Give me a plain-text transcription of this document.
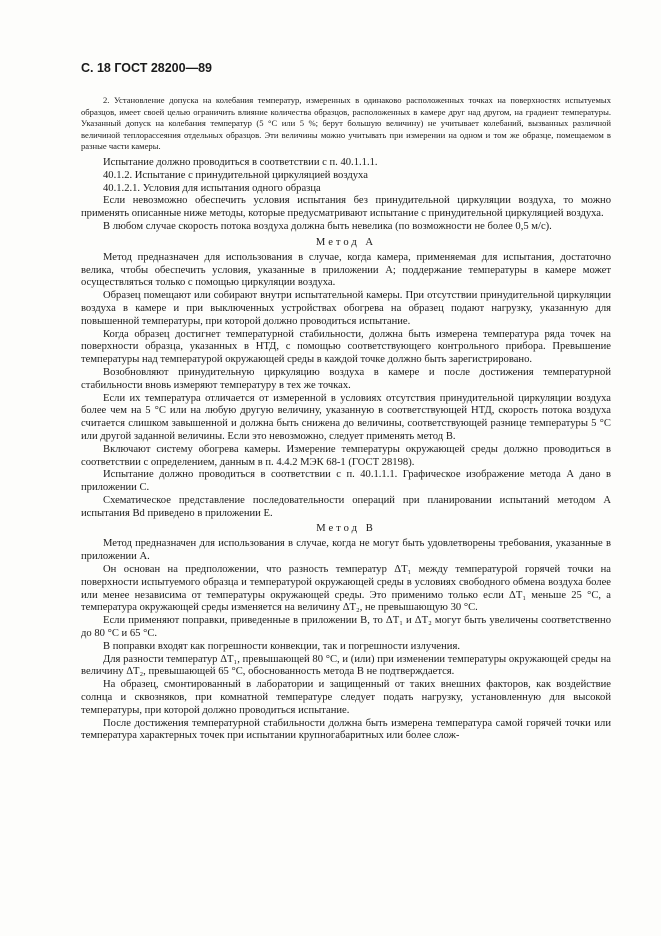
С. 18 ГОСТ 28200—89

2. Установление допуска на колебания температур, измеренных в одинаково расположенных точках на поверхностях испытуемых образцов, имеет своей целью ограничить влияние количества образцов, расположенных в камере друг над другом, на градиент температуры. Указанный допуск на колебания температур (5 °С или 5 %; берут большую величину) не учитывает колебаний, вызванных различной величиной теплорассеяния отдельных образцов. Эти величины можно учитывать при измерении на одном и том же образце, помещаемом в разные части камеры.

Испытание должно проводиться в соответствии с п. 40.1.1.1.

40.1.2. Испытание с принудительной циркуляцией воздуха

40.1.2.1. Условия для испытания одного образца

Если невозможно обеспечить условия испытания без принудительной циркуляции воздуха, то можно применять описанные ниже методы, которые предусматривают испытание с принудительной циркуляцией воздуха.

В любом случае скорость потока воздуха должна быть невелика (по возможности не более 0,5 м/с).

Метод А

Метод предназначен для использования в случае, когда камера, применяемая для испытания, достаточно велика, чтобы обеспечить условия, указанные в приложении А; поддержание температуры в камере может осуществляться только с помощью циркуляции воздуха.

Образец помещают или собирают внутри испытательной камеры. При отсутствии принудительной циркуляции воздуха в камере и при выключенных устройствах обогрева на образец подают нагрузку, указанную для повышенной температуры, при которой должно проводиться испытание.

Когда образец достигнет температурной стабильности, должна быть измерена температура ряда точек на поверхности образца, указанных в НТД, с помощью соответствующего контрольного прибора. Превышение температуры над температурой окружающей среды в каждой точке должно быть зарегистрировано.

Возобновляют принудительную циркуляцию воздуха в камере и после достижения температурной стабильности вновь измеряют температуру в тех же точках.

Если их температура отличается от измеренной в условиях отсутствия принудительной циркуляции воздуха более чем на 5 °С или на любую другую величину, указанную в соответствующей НТД, скорость потока воздуха считается слишком завышенной и должна быть снижена до величины, соответствующей разнице температуры 5 °С или другой заданной величины. Если это невозможно, следует применять метод В.

Включают систему обогрева камеры. Измерение температуры окружающей среды должно проводиться в соответствии с определением, данным в п. 4.4.2 МЭК 68-1 (ГОСТ 28198).

Испытание должно проводиться в соответствии с п. 40.1.1.1. Графическое изображение метода А дано в приложении С.

Схематическое представление последовательности операций при планировании испытаний методом А испытания Bd приведено в приложении Е.

Метод В

Метод предназначен для использования в случае, когда не могут быть удовлетворены требования, указанные в приложении А.

Он основан на предположении, что разность температур ΔT₁ между температурой горячей точки на поверхности испытуемого образца и температурой окружающей среды в условиях свободного обмена воздуха более или менее независима от температуры окружающей среды. Это применимо только если ΔT₁ меньше 25 °С, а температура окружающей среды изменяется на величину ΔT₂, не превышающую 30 °С.

Если применяют поправки, приведенные в приложении В, то ΔT₁ и ΔT₂ могут быть увеличены соответственно до 80 °С и 65 °С.

В поправки входят как погрешности конвекции, так и погрешности излучения.

Для разности температур ΔT₁, превышающей 80 °С, и (или) при изменении температуры окружающей среды на величину ΔT₂, превышающей 65 °С, обоснованность метода В не подтверждается.

На образец, смонтированный в лаборатории и защищенный от таких внешних факторов, как воздействие солнца и сквозняков, при комнатной температуре следует подать нагрузку, установленную для высокой температуры, при которой должно проводиться испытание.

После достижения температурной стабильности должна быть измерена температура самой горячей точки или температура характерных точек при испытании крупногабаритных или более слож-
